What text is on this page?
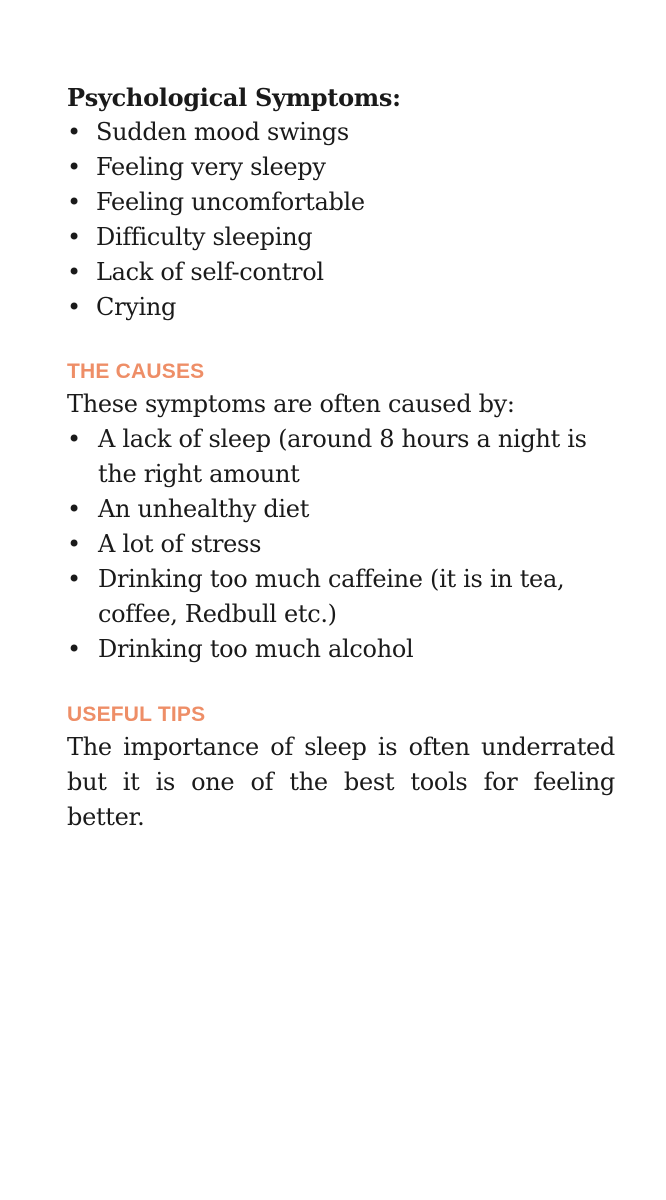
Psychological Symptoms:
• Sudden mood swings
• Feeling very sleepy
• Feeling uncomfortable
• Difficulty sleeping
• Lack of self-control
• Crying
THE CAUSES

These symptoms are often caused by:

• A lack of sleep (around 8 hours a night is the right amount
• An unhealthy diet
• A lot of stress
• Drinking too much caffeine (it is in tea, coffee, Redbull etc.)
• Drinking too much alcohol
USEFUL TIPS

The importance of sleep is often underrated but it is one of the best tools for feeling better.
